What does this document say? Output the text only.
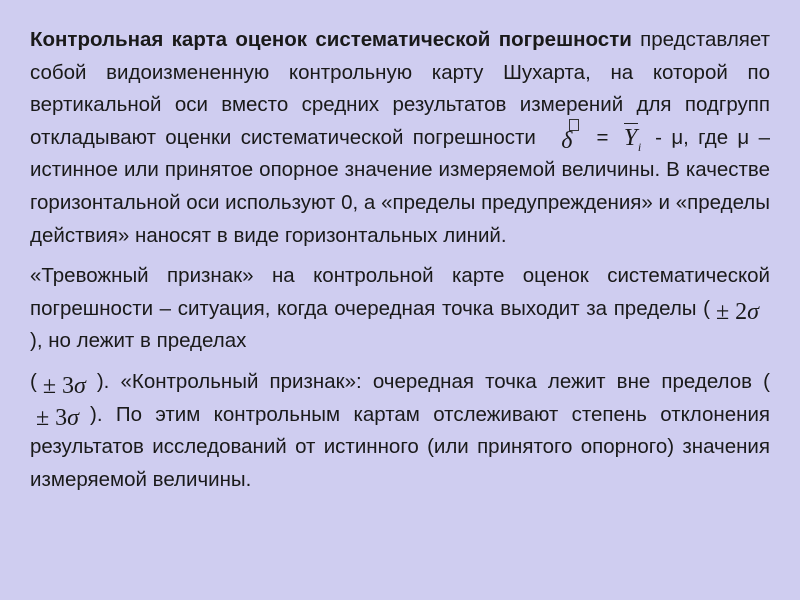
Контрольная карта оценок систематической погрешности представляет собой видоизмененную контрольную карту Шухарта, на которой по вертикальной оси вместо средних результатов измерений для подгрупп откладывают оценки систематической погрешности δ = Y i - μ, где μ – истинное или принятое опорное значение измеряемой величины. В качестве горизонтальной оси используют 0, а «пределы предупреждения» и «пределы действия» наносят в виде горизонтальных линий.

«Тревожный признак» на контрольной карте оценок систематической погрешности – ситуация, когда очередная точка выходит за пределы ( ± 2σ
), но лежит в пределах

( ± 3σ ). «Контрольный признак»: очередная точка лежит вне пределов (
± 3σ ). По этим контрольным картам отслеживают степень отклонения результатов исследований от истинного (или принятого опорного) значения измеряемой величины.
